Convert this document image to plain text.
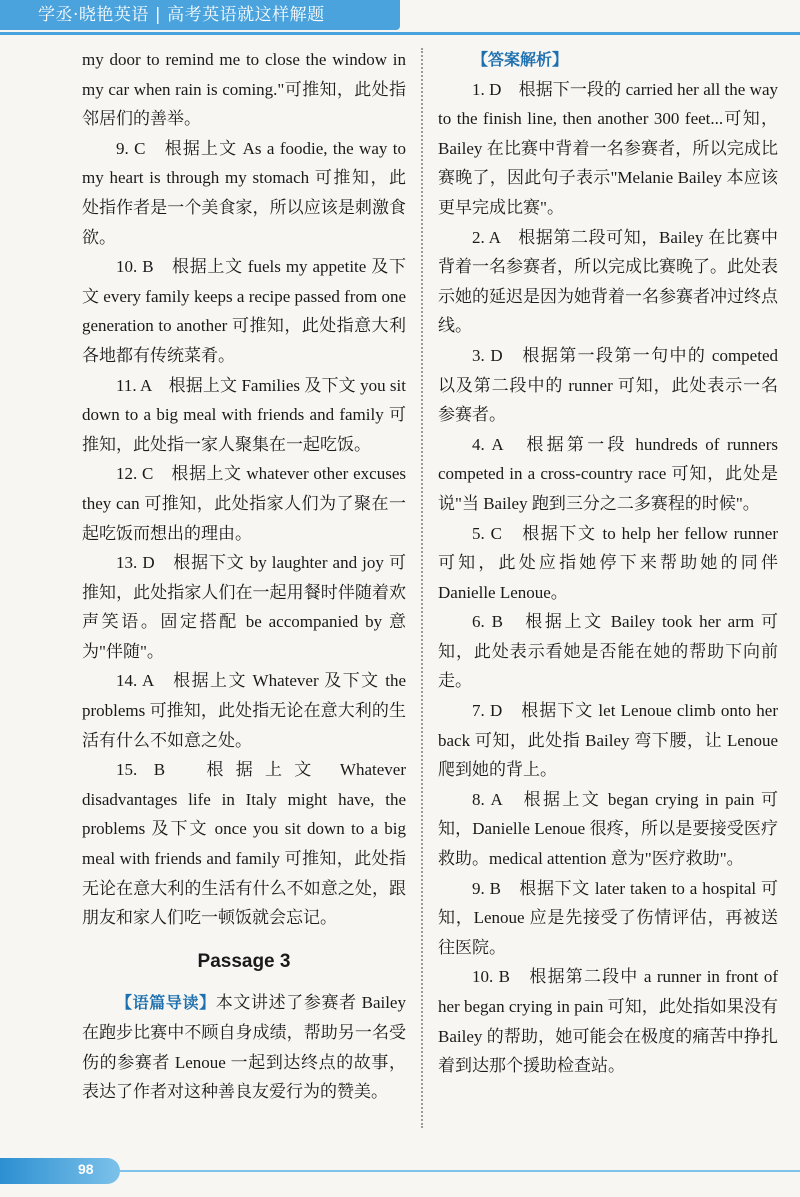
学丞·晓艳英语 | 高考英语就这样解题

my door to remind me to close the window in my car when rain is coming."可推知，此处指邻居们的善举。

9. C　根据上文 As a foodie, the way to my heart is through my stomach 可推知，此处指作者是一个美食家，所以应该是刺激食欲。

10. B　根据上文 fuels my appetite 及下文 every family keeps a recipe passed from one generation to another 可推知，此处指意大利各地都有传统菜肴。

11. A　根据上文 Families 及下文 you sit down to a big meal with friends and family 可推知，此处指一家人聚集在一起吃饭。

12. C　根据上文 whatever other excuses they can 可推知，此处指家人们为了聚在一起吃饭而想出的理由。

13. D　根据下文 by laughter and joy 可推知，此处指家人们在一起用餐时伴随着欢声笑语。固定搭配 be accompanied by 意为"伴随"。

14. A　根据上文 Whatever 及下文 the problems 可推知，此处指无论在意大利的生活有什么不如意之处。

15. B　根据上文 Whatever disadvantages life in Italy might have, the problems 及下文 once you sit down to a big meal with friends and family 可推知，此处指无论在意大利的生活有什么不如意之处，跟朋友和家人们吃一顿饭就会忘记。

Passage 3

【语篇导读】本文讲述了参赛者 Bailey 在跑步比赛中不顾自身成绩，帮助另一名受伤的参赛者 Lenoue 一起到达终点的故事，表达了作者对这种善良友爱行为的赞美。

【答案解析】

1. D　根据下一段的 carried her all the way to the finish line, then another 300 feet...可知，Bailey 在比赛中背着一名参赛者，所以完成比赛晚了，因此句子表示"Melanie Bailey 本应该更早完成比赛"。

2. A　根据第二段可知，Bailey 在比赛中背着一名参赛者，所以完成比赛晚了。此处表示她的延迟是因为她背着一名参赛者冲过终点线。

3. D　根据第一段第一句中的 competed 以及第二段中的 runner 可知，此处表示一名参赛者。

4. A　根据第一段 hundreds of runners competed in a cross-country race 可知，此处是说"当 Bailey 跑到三分之二多赛程的时候"。

5. C　根据下文 to help her fellow runner 可知，此处应指她停下来帮助她的同伴 Danielle Lenoue。

6. B　根据上文 Bailey took her arm 可知，此处表示看她是否能在她的帮助下向前走。

7. D　根据下文 let Lenoue climb onto her back 可知，此处指 Bailey 弯下腰，让 Lenoue 爬到她的背上。

8. A　根据上文 began crying in pain 可知，Danielle Lenoue 很疼，所以是要接受医疗救助。medical attention 意为"医疗救助"。

9. B　根据下文 later taken to a hospital 可知，Lenoue 应是先接受了伤情评估，再被送往医院。

10. B　根据第二段中 a runner in front of her began crying in pain 可知，此处指如果没有 Bailey 的帮助，她可能会在极度的痛苦中挣扎着到达那个援助检查站。

98
